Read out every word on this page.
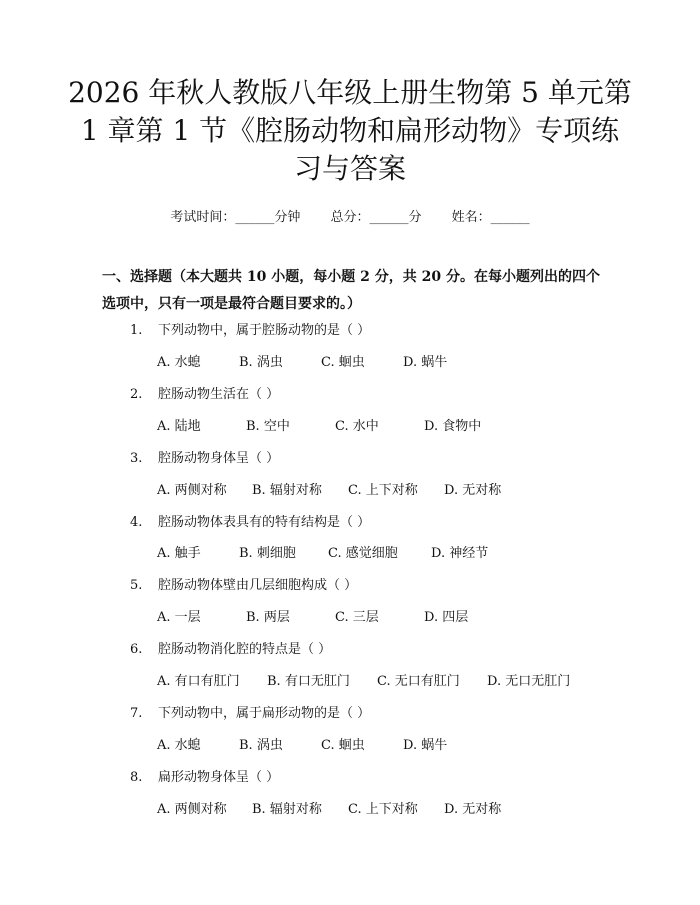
2026 年秋人教版八年级上册生物第 5 单元第
1 章第 1 节《腔肠动物和扁形动物》专项练
习与答案
考试时间：______分钟 总分：______分 姓名：______
一、选择题（本大题共 10 小题，每小题 2 分，共 20 分。在每小题列出的四个选项中，只有一项是最符合题目要求的。）
1. 下列动物中，属于腔肠动物的是（ ）
A. 水螅	B. 涡虫	C. 蛔虫	D. 蜗牛
2. 腔肠动物生活在（ ）
A. 陆地	B. 空中	C. 水中	D. 食物中
3. 腔肠动物身体呈（ ）
A. 两侧对称 B. 辐射对称 C. 上下对称 D. 无对称
4. 腔肠动物体表具有的特有结构是（ ）
A. 触手	B. 刺细胞 C. 感觉细胞	D. 神经节
5. 腔肠动物体壁由几层细胞构成（ ）
A. 一层	B. 两层	C. 三层	D. 四层
6. 腔肠动物消化腔的特点是（ ）
A. 有口有肛门 B. 有口无肛门 C. 无口有肛门 D. 无口无肛门
7. 下列动物中，属于扁形动物的是（ ）
A. 水螅	B. 涡虫	C. 蛔虫	D. 蜗牛
8. 扁形动物身体呈（ ）
A. 两侧对称 B. 辐射对称 C. 上下对称 D. 无对称
